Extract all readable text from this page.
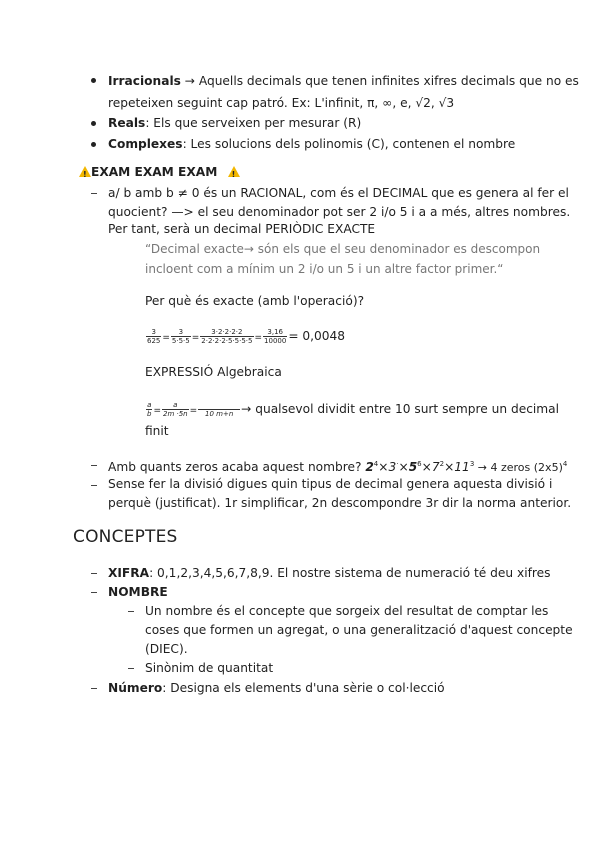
Irracionals → Aquells decimals que tenen infinites xifres decimals que no es
repeteixen seguint cap patró. Ex: L'infinit, π, ∞, e, √2, √3
Reals: Els que serveixen per mesurar (R)
Complexes: Les solucions dels polinomis (C), contenen el nombre
!EXAM EXAM EXAM !
a/ b amb b ≠ 0 és un RACIONAL, com és el DECIMAL que es genera al fer el
quocient? —> el seu denominador pot ser 2 i/o 5 i a a més, altres nombres.
Per tant, serà un decimal PERIÒDIC EXACTE
“Decimal exacte→ són els que el seu denominador es descompon
incloent com a mínim un 2 i/o un 5 i un altre factor primer.“
Per què és exacte (amb l'operació)?
$\frac{3}{625} = \frac{3}{5\cdot 5\cdot 5} = \frac{3\cdot 2\cdot 2\cdot 2\cdot 2}{2\cdot 2\cdot 2\cdot 2\cdot 5\cdot 5\cdot 5\cdot 5} = \frac{3,16}{10000} = 0,0048$
EXPRESSIÓ Algebraica
$\frac{a}{b} = \frac{a}{2m \cdot 5n}$ =
	10 m+n → qualsevol dividit entre 10 surt sempre un decimal
finit
Amb quants zeros acaba aquest nombre? $2^4\times 3^\cdot\times 5^6\times 7^2\times 11^3 \to 4$ zeros $(2x5)^4$
Sense fer la divisió digues quin tipus de decimal genera aquesta divisió i
perquè (justificat). 1r simplificar, 2n descompondre 3r dir la norma anterior.
CONCEPTES
XIFRA: 0,1,2,3,4,5,6,7,8,9. El nostre sistema de numeració té deu xifres
NOMBRE
Un nombre és el concepte que sorgeix del resultat de comptar les
coses que formen un agregat, o una generalització d'aquest concepte
(DIEC).
Sinònim de quantitat
Número: Designa els elements d'una sèrie o col·lecció
